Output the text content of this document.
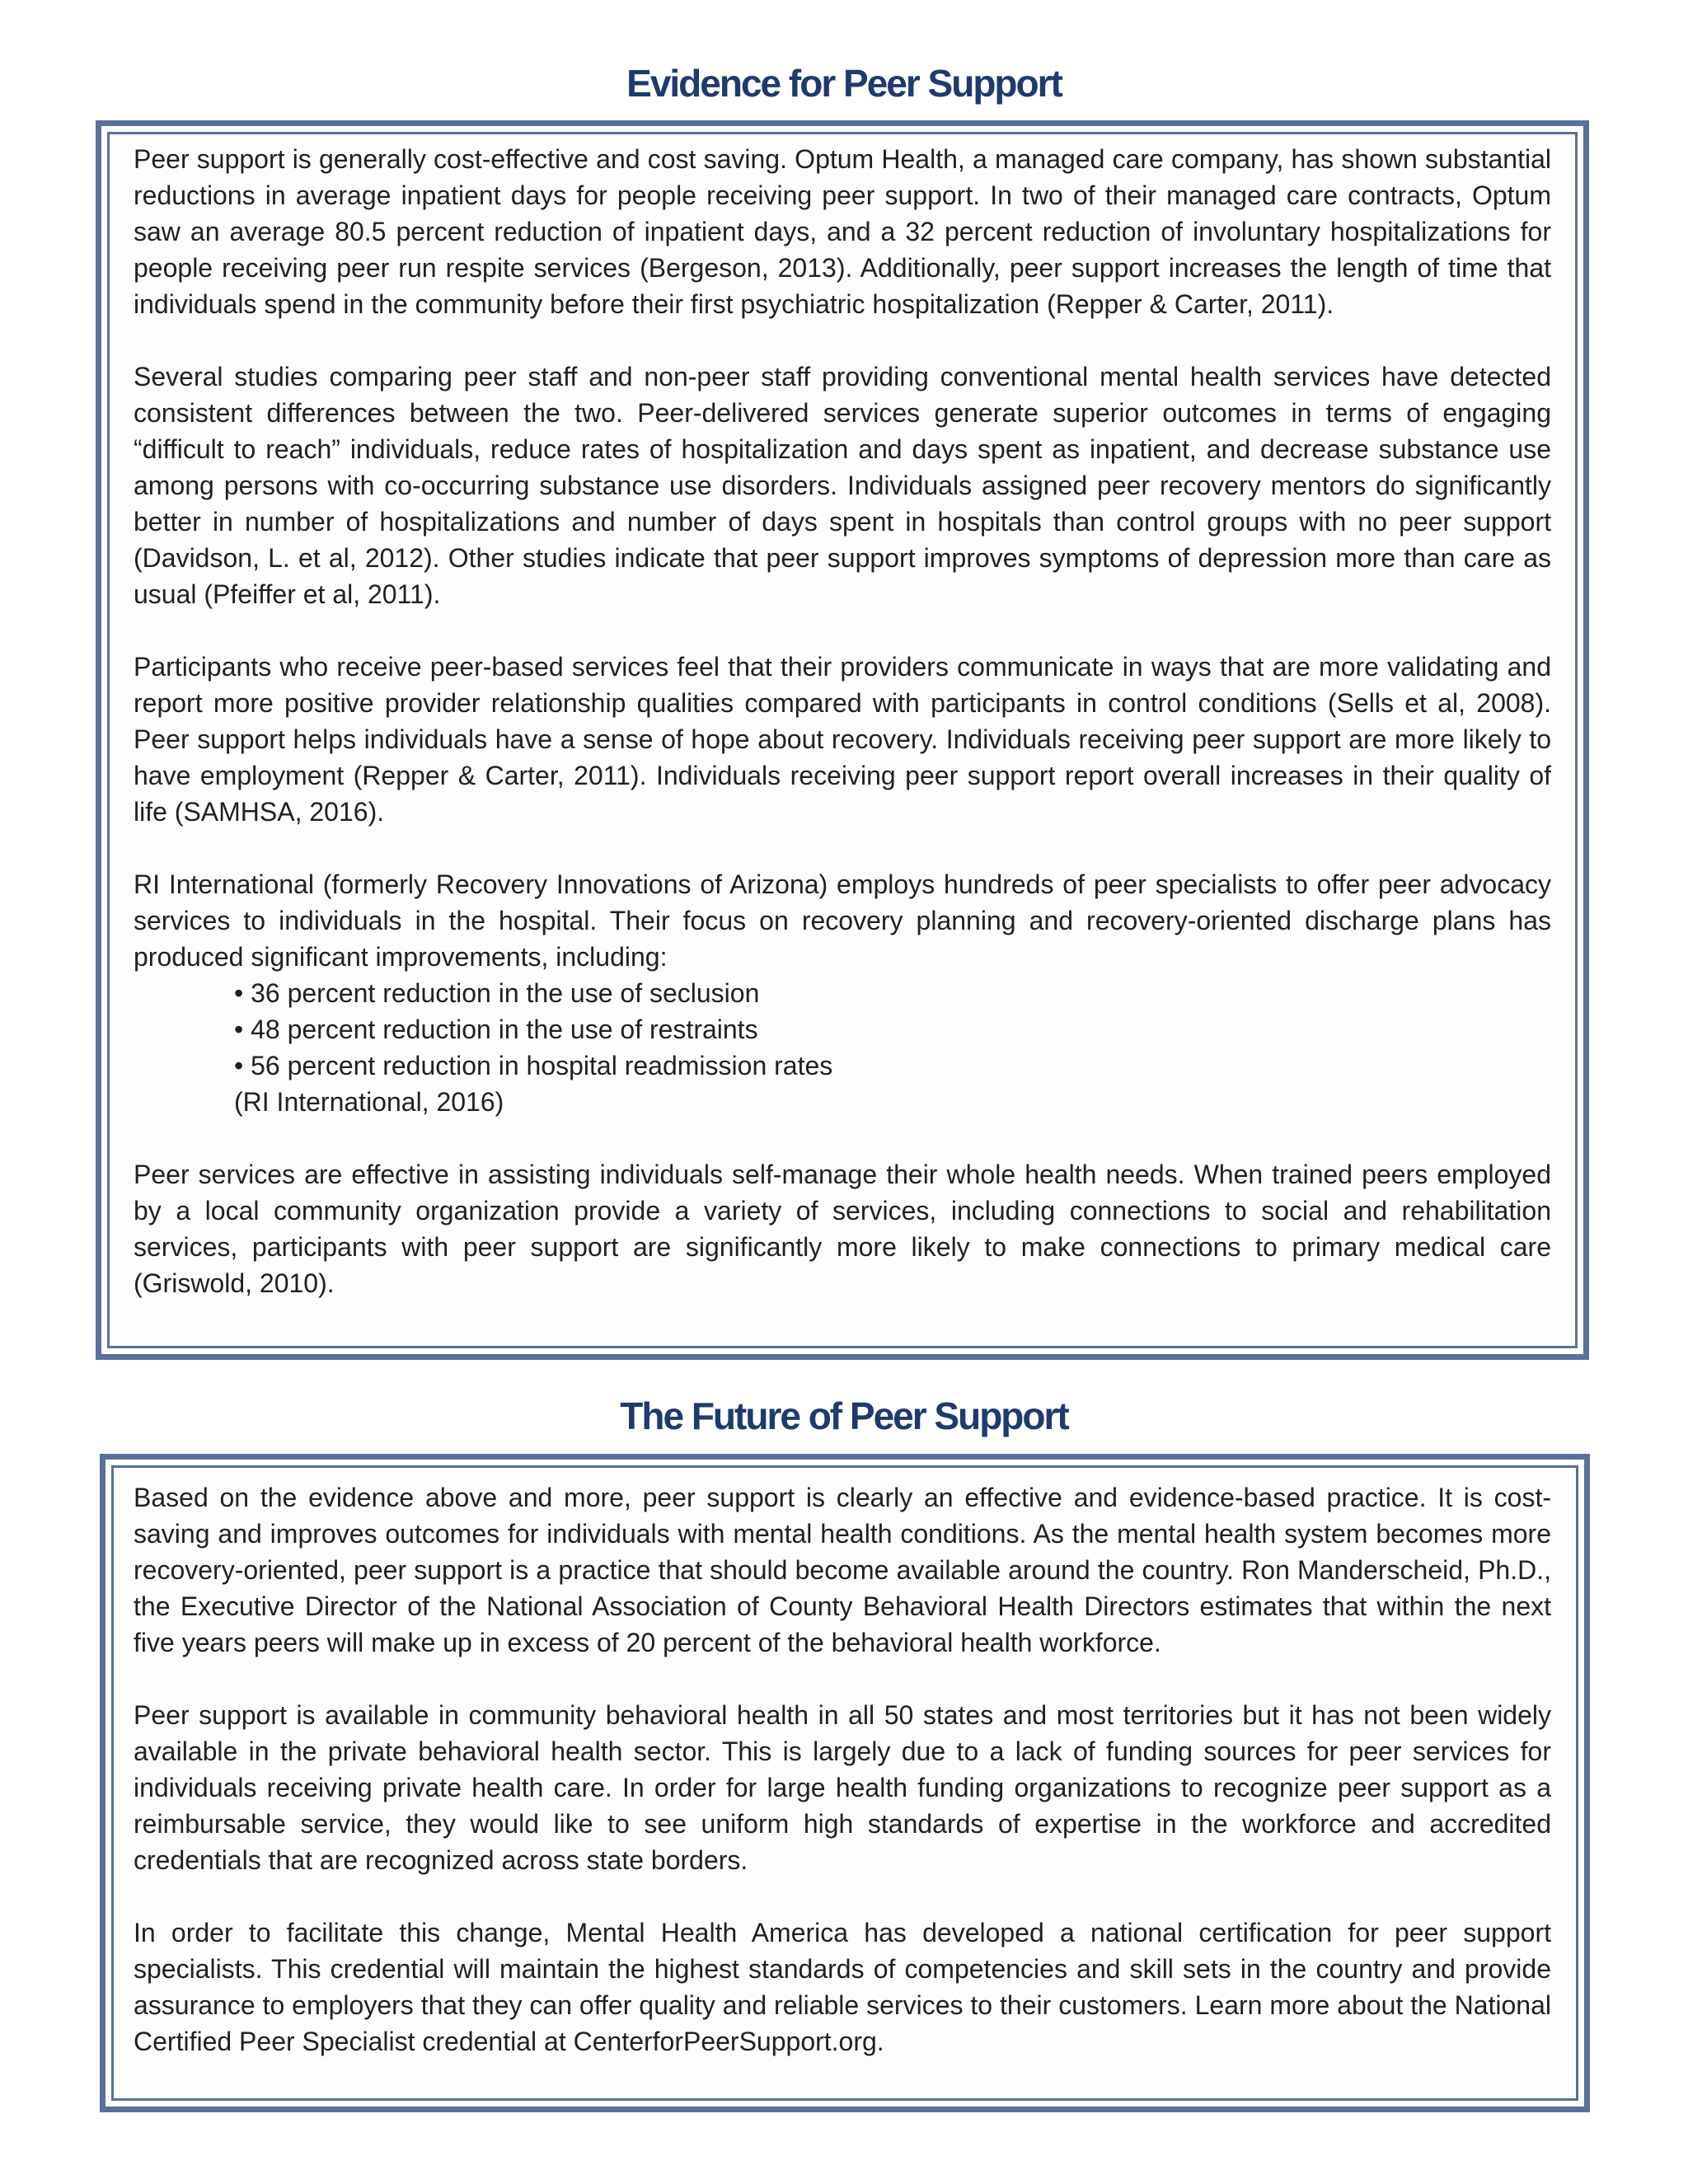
Evidence for Peer Support

Peer support is generally cost-effective and cost saving. Optum Health, a managed care company, has shown substantial reductions in average inpatient days for people receiving peer support. In two of their managed care contracts, Optum saw an average 80.5 percent reduction of inpatient days, and a 32 percent reduction of involuntary hospitalizations for people receiving peer run respite services (Bergeson, 2013). Additionally, peer support increases the length of time that individuals spend in the community before their first psychiatric hospitalization (Repper & Carter, 2011).

Several studies comparing peer staff and non-peer staff providing conventional mental health services have detected consistent differences between the two. Peer-delivered services generate superior outcomes in terms of engaging “difficult to reach” individuals, reduce rates of hospitalization and days spent as inpatient, and decrease substance use among persons with co-occurring substance use disorders. Individuals assigned peer recovery mentors do significantly better in number of hospitalizations and number of days spent in hospitals than control groups with no peer support (Davidson, L. et al, 2012). Other studies indicate that peer support improves symptoms of depression more than care as usual (Pfeiffer et al, 2011).

Participants who receive peer-based services feel that their providers communicate in ways that are more validating and report more positive provider relationship qualities compared with participants in control conditions (Sells et al, 2008). Peer support helps individuals have a sense of hope about recovery. Individuals receiving peer support are more likely to have employment (Repper & Carter, 2011). Individuals receiving peer support report overall increases in their quality of life (SAMHSA, 2016).

RI International (formerly Recovery Innovations of Arizona) employs hundreds of peer specialists to offer peer advocacy services to individuals in the hospital. Their focus on recovery planning and recovery-oriented discharge plans has produced significant improvements, including:

• 36 percent reduction in the use of seclusion
• 48 percent reduction in the use of restraints
• 56 percent reduction in hospital readmission rates

(RI International, 2016)

Peer services are effective in assisting individuals self-manage their whole health needs. When trained peers employed by a local community organization provide a variety of services, including connections to social and rehabilitation services, participants with peer support are significantly more likely to make connections to primary medical care (Griswold, 2010).

The Future of Peer Support

Based on the evidence above and more, peer support is clearly an effective and evidence-based practice. It is cost-saving and improves outcomes for individuals with mental health conditions. As the mental health system becomes more recovery-oriented, peer support is a practice that should become available around the country. Ron Manderscheid, Ph.D., the Executive Director of the National Association of County Behavioral Health Directors estimates that within the next five years peers will make up in excess of 20 percent of the behavioral health workforce.

Peer support is available in community behavioral health in all 50 states and most territories but it has not been widely available in the private behavioral health sector. This is largely due to a lack of funding sources for peer services for individuals receiving private health care. In order for large health funding organizations to recognize peer support as a reimbursable service, they would like to see uniform high standards of expertise in the workforce and accredited credentials that are recognized across state borders.

In order to facilitate this change, Mental Health America has developed a national certification for peer support specialists. This credential will maintain the highest standards of competencies and skill sets in the country and provide assurance to employers that they can offer quality and reliable services to their customers. Learn more about the National Certified Peer Specialist credential at CenterforPeerSupport.org.
